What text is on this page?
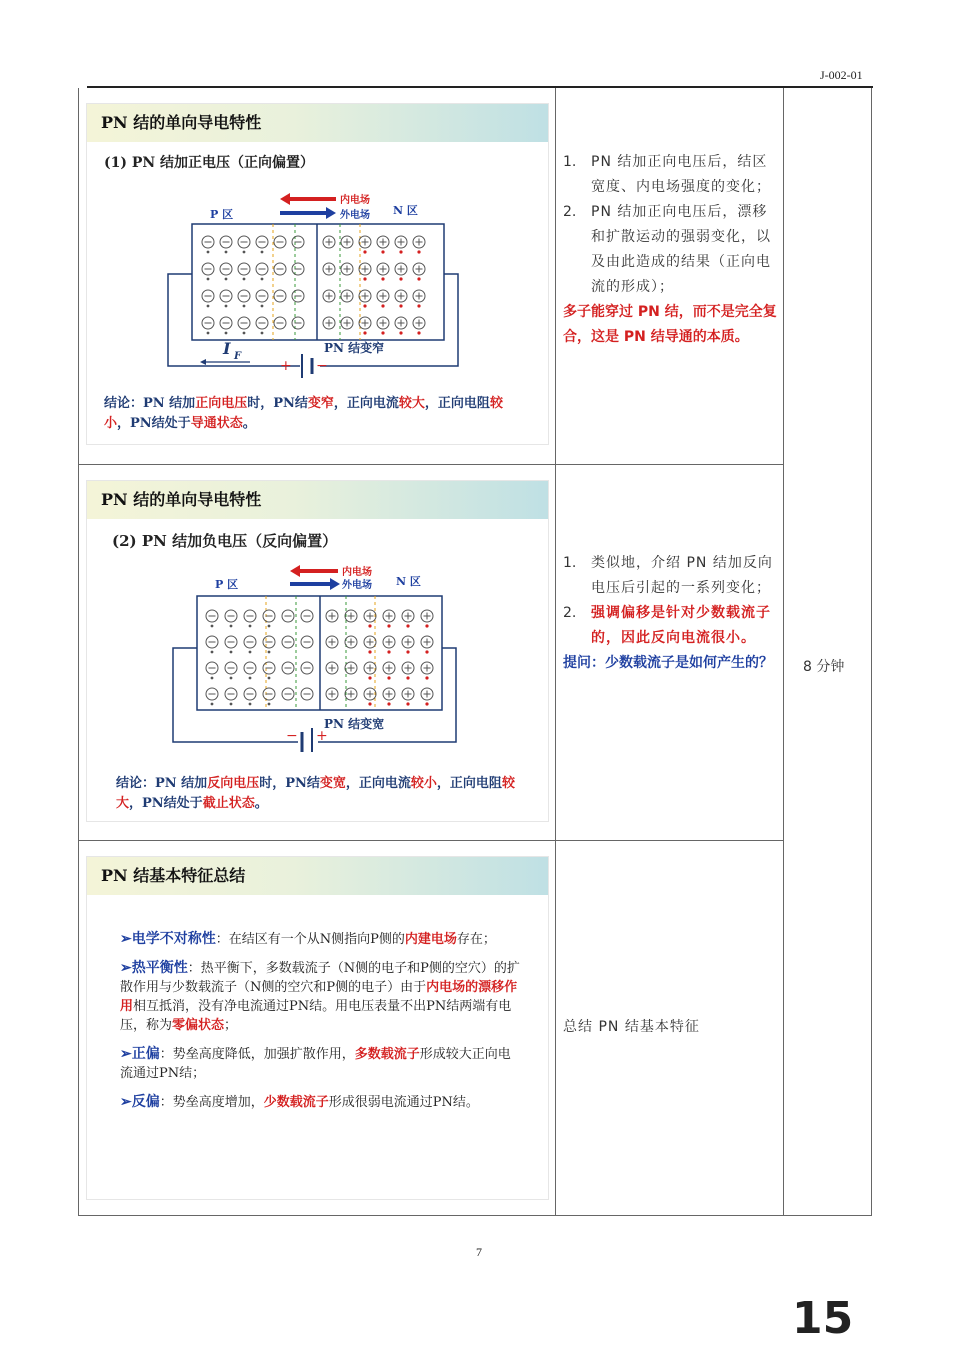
J-002-01
PN 结的单向导电特性
(1) PN 结加正电压（正向偏置）
内电场
外电场
P 区	N 区
+ −
I F
PN 结变窄
结论：PN 结加正向电压时，PN结变窄，正向电流较大，正向电阻较小，PN结处于导通状态。
1.	PN 结加正向电压后，结区宽度、内电场强度的变化；
2.	PN 结加正向电压后，漂移和扩散运动的强弱变化，以及由此造成的结果（正向电流的形成）；
多子能穿过 PN 结，而不是完全复合，这是 PN 结导通的本质。
PN 结的单向导电特性
(2) PN 结加负电压（反向偏置）
内电场
外电场
P 区	N 区
− +
PN 结变宽
结论：PN 结加反向电压时，PN结变宽，正向电流较小，正向电阻较大，PN结处于截止状态。
1.	类似地，介绍 PN 结加反向电压后引起的一系列变化；
2.	强调偏移是针对少数载流子的，因此反向电流很小。
提问：少数载流子是如何产生的？	8 分钟
PN 结基本特征总结

➢电学不对称性：在结区有一个从N侧指向P侧的内建电场存在；

➢热平衡性：热平衡下，多数载流子（N侧的电子和P侧的空穴）的扩散作用与少数载流子（N侧的空穴和P侧的电子）由于内电场的漂移作用相互抵消，没有净电流通过PN结。用电压表量不出PN结两端有电压，称为零偏状态；

➢正偏：势垒高度降低，加强扩散作用，多数载流子形成较大正向电流通过PN结；

➢反偏：势垒高度增加，少数载流子形成很弱电流通过PN结。

总结 PN 结基本特征
7
15
